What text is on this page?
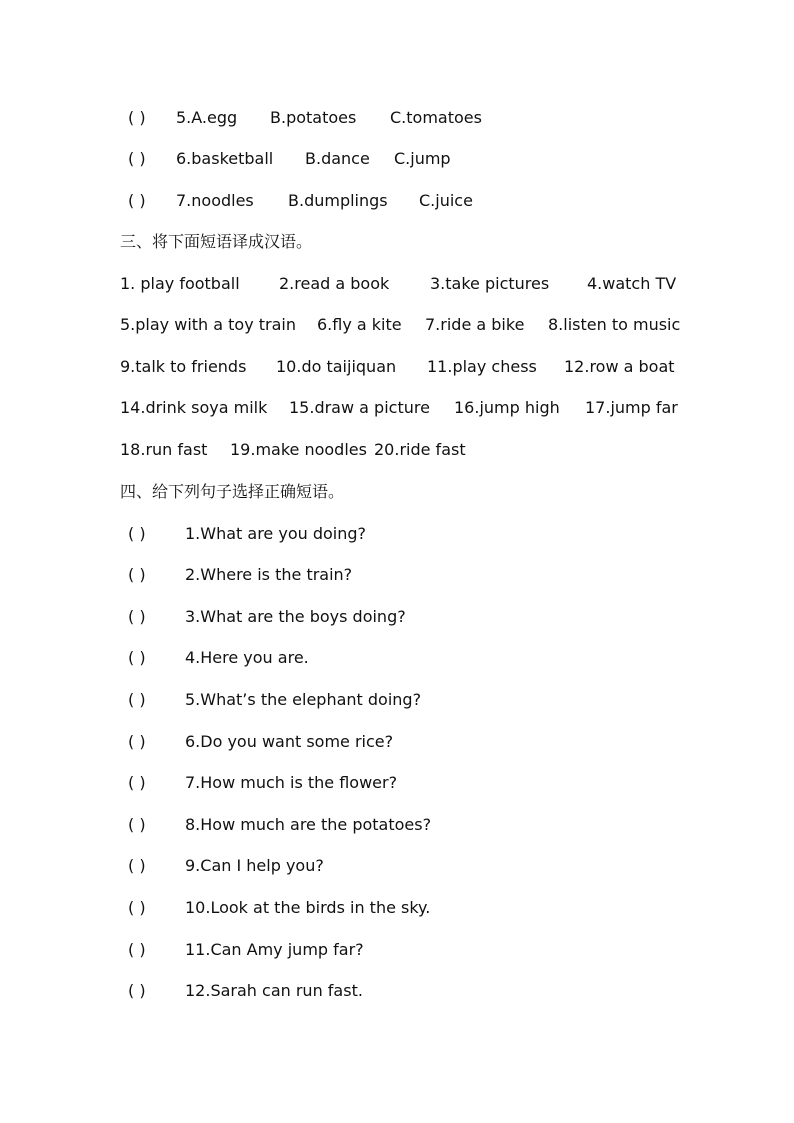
( ) 5.A.egg B.potatoes C.tomatoes
( ) 6.basketball B.dance C.jump
( ) 7.noodles B.dumplings C.juice
三、将下面短语译成汉语。
1. play football 2.read a book	3.take pictures 4.watch TV
5.play with a toy train 6.fly a kite 7.ride a bike 8.listen to music
9.talk to friends 10.do taijiquan 11.play chess 12.row a boat
14.drink soya milk 15.draw a picture 16.jump high 17.jump far
18.run fast 19.make noodles 20.ride fast
四、给下列句子选择正确短语。
( ) 1.What are you doing?
( ) 2.Where is the train?
( ) 3.What are the boys doing?
( ) 4.Here you are.
( ) 5.What’s the elephant doing?
( ) 6.Do you want some rice?
( ) 7.How much is the flower?
( ) 8.How much are the potatoes?
( ) 9.Can I help you?
( ) 10.Look at the birds in the sky.
( ) 11.Can Amy jump far?
( ) 12.Sarah can run fast.
